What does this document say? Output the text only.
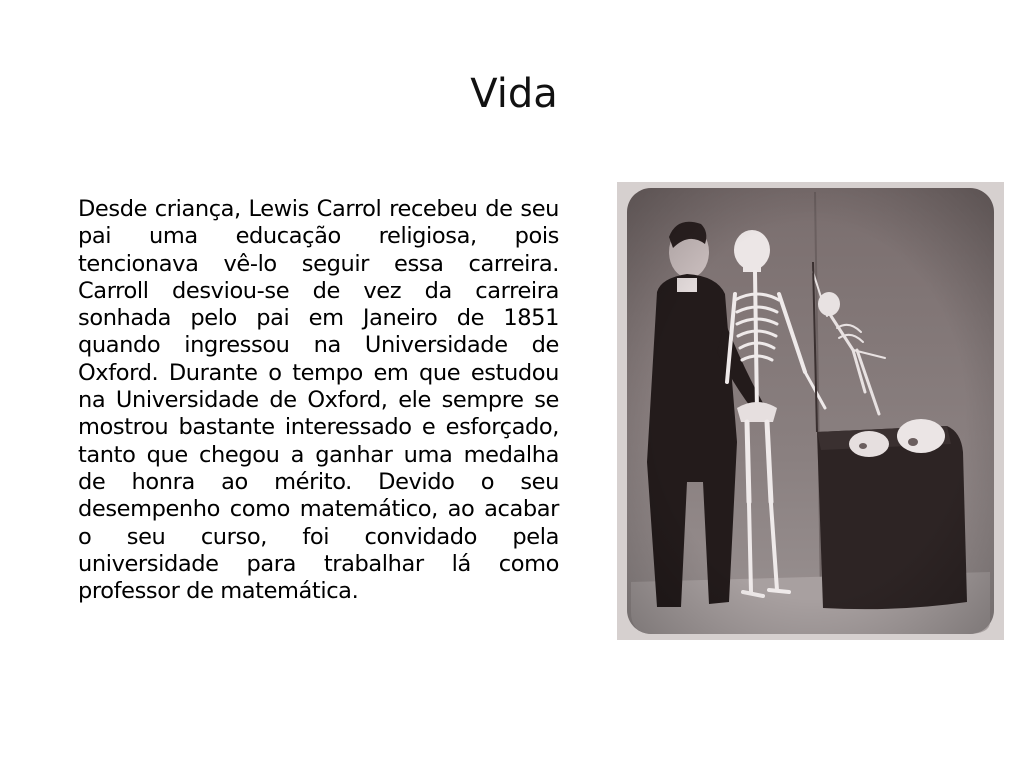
Vida

Desde criança, Lewis Carrol recebeu de seu pai uma educação religiosa, pois tencionava vê-lo seguir essa carreira. Carroll desviou-se de vez da carreira sonhada pelo pai em Janeiro de 1851 quando ingressou na Universidade de Oxford. Durante o tempo em que estudou na Universidade de Oxford, ele sempre se mostrou bastante interessado e esforçado, tanto que chegou a ganhar uma medalha de honra ao mérito. Devido o seu desempenho como matemático, ao acabar o seu curso, foi convidado pela universidade para trabalhar lá como professor de matemática.
